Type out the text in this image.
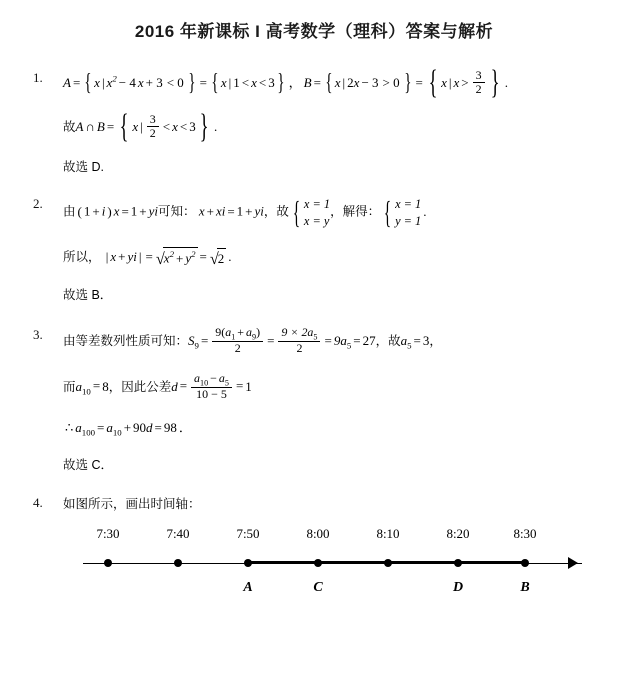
2016 年新课标 I 高考数学（理科）答案与解析
1.	A = { x | $x^2 - 4$ x + 3 < 0 } = { x | 1 < x < 3} ， B = { x | 2x − 3 > 0 } = { x | $x > \frac{3}{2}$ } .
故A ∩ B = { x | $\frac{3}{2} < x < 3$ } .
故选 D.
2.
由 ( 1 + i ) x = 1 + yi可知： x + xi = 1 + yi，故 { x = 1
x = y
，解得： { x = 1
y = 1
.
所以， | x + yi | = $√x^2 + y^2 = √2$ .
故选 B．
3.	由等差数列性质可知：$S_9 = \frac{9(a_1 + a_9)}{2} = \frac{9 \times 2a_5}{2} = 9a_5 = 27$，故$a_5 = 3$，
而$a_{10} = 8$，因此公差$d = \frac{a_{10} - a_5}{10 - 5} = 1$
∴ $a_{100} = a_{10} + 90d = 98$ ．
故选 C．
4.	如图所示，画出时间轴：
7:30	7:40	7:50	8:00	8:10	8:20	8:30
A	C	D	B
